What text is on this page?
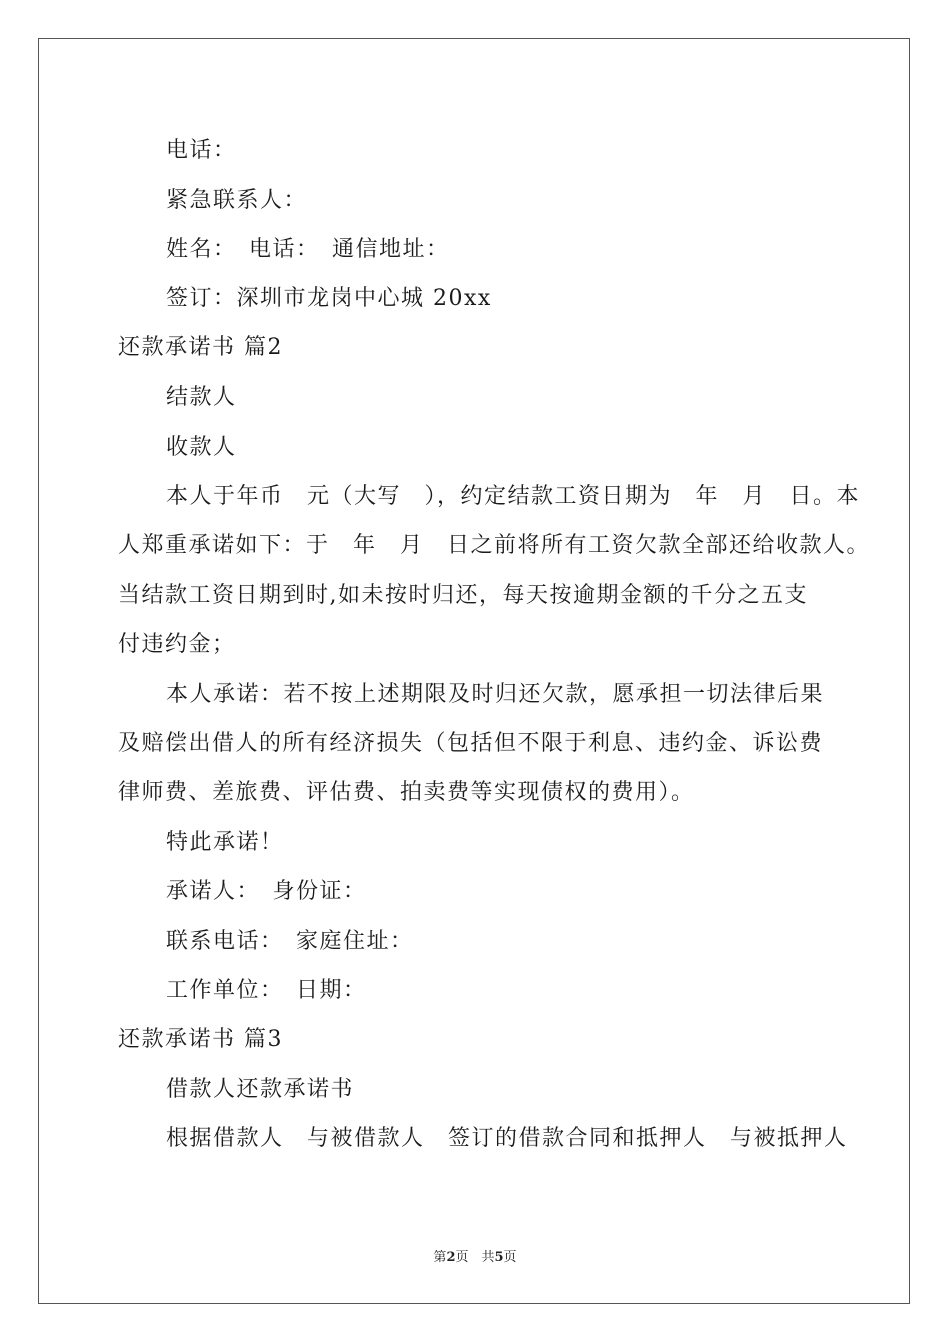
电话：
紧急联系人：
姓名：　电话：　通信地址：
签订：深圳市龙岗中心城 20xx
还款承诺书 篇2
结款人
收款人
本人于年币　元（大写　），约定结款工资日期为　年　月　日。本
人郑重承诺如下：于　年　月　日之前将所有工资欠款全部还给收款人。
当结款工资日期到时,如未按时归还，每天按逾期金额的千分之五支
付违约金；
本人承诺：若不按上述期限及时归还欠款，愿承担一切法律后果
及赔偿出借人的所有经济损失（包括但不限于利息、违约金、诉讼费
律师费、差旅费、评估费、拍卖费等实现债权的费用）。
特此承诺！
承诺人：　身份证：
联系电话：　家庭住址：
工作单位：　日期：
还款承诺书 篇3
借款人还款承诺书
根据借款人　与被借款人　签订的借款合同和抵押人　与被抵押人
第2页　共5页
